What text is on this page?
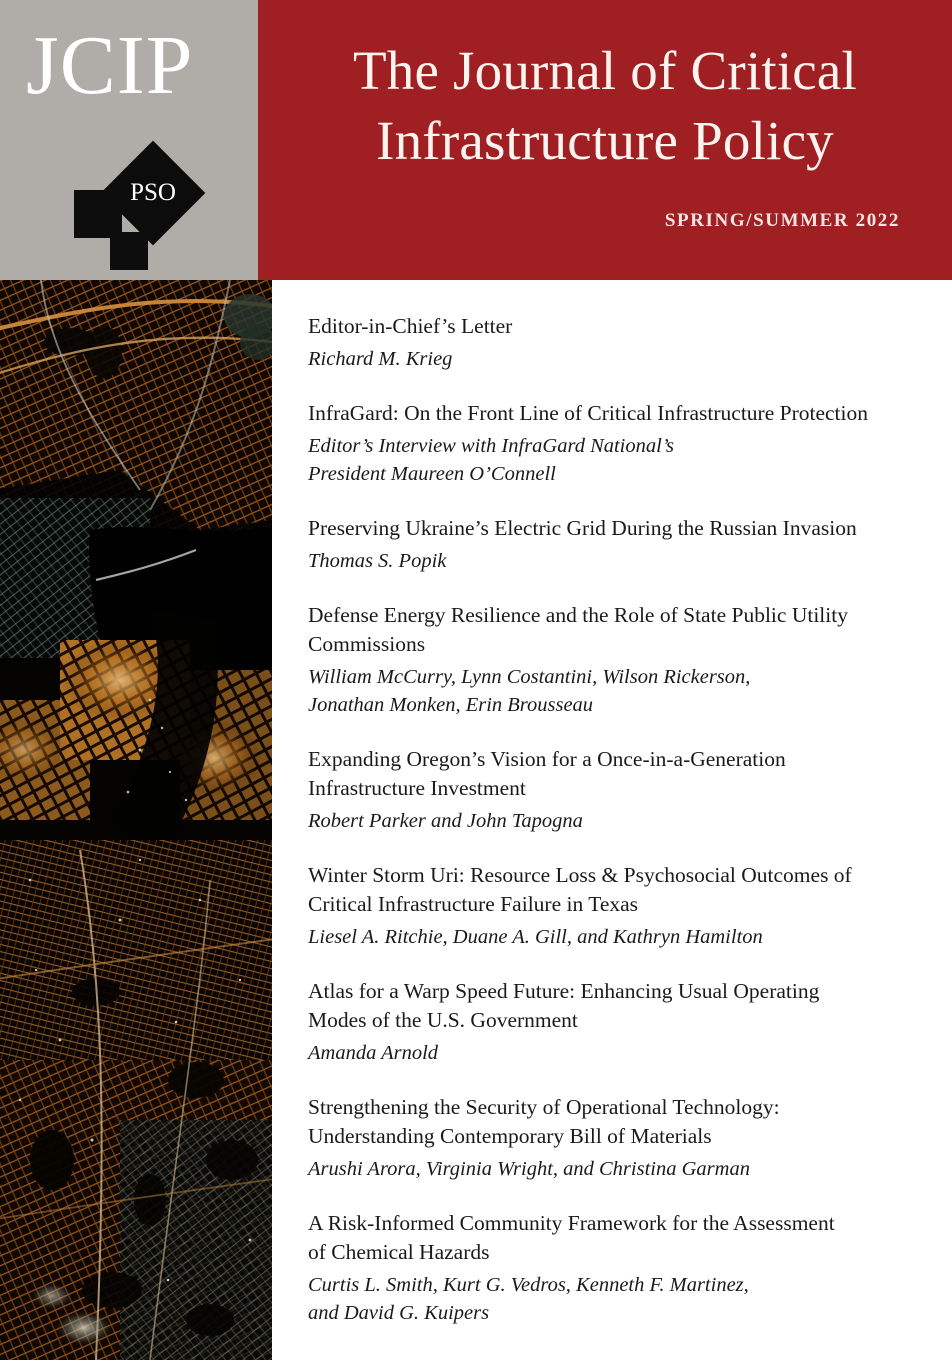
JCIP
PSO
The Journal of Critical
Infrastructure Policy
SPRING/SUMMER 2022
Editor-in-Chief’s Letter
Richard M. Krieg
InfraGard: On the Front Line of Critical Infrastructure Protection
Editor’s Interview with InfraGard National’s
President Maureen O’Connell
Preserving Ukraine’s Electric Grid During the Russian Invasion
Thomas S. Popik
Defense Energy Resilience and the Role of State Public Utility
Commissions
William McCurry, Lynn Costantini, Wilson Rickerson,
Jonathan Monken, Erin Brousseau
Expanding Oregon’s Vision for a Once-in-a-Generation
Infrastructure Investment
Robert Parker and John Tapogna
Winter Storm Uri: Resource Loss & Psychosocial Outcomes of
Critical Infrastructure Failure in Texas
Liesel A. Ritchie, Duane A. Gill, and Kathryn Hamilton
Atlas for a Warp Speed Future: Enhancing Usual Operating
Modes of the U.S. Government
Amanda Arnold
Strengthening the Security of Operational Technology:
Understanding Contemporary Bill of Materials
Arushi Arora, Virginia Wright, and Christina Garman
A Risk-Informed Community Framework for the Assessment
of Chemical Hazards
Curtis L. Smith, Kurt G. Vedros, Kenneth F. Martinez,
and David G. Kuipers
